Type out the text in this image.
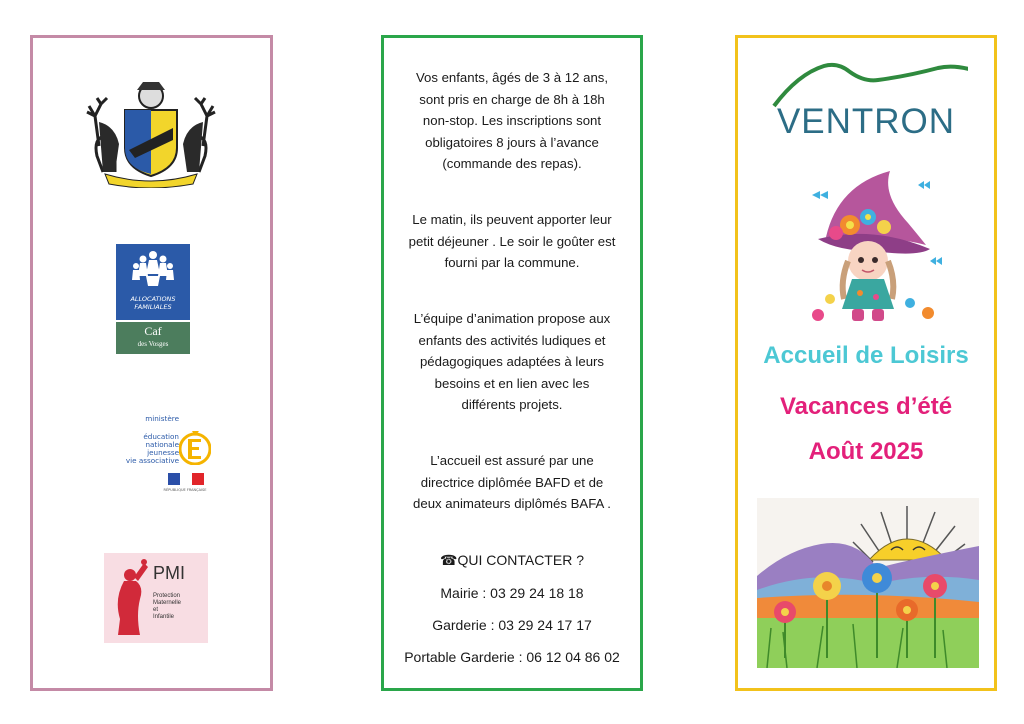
ALLOCATIONS
FAMILIALES
Caf
des Vosges
ministère
éducation
nationale
jeunesse
vie associative
RÉPUBLIQUE FRANÇAISE
PMI
Protection
Maternelle
et
Infantile
Vos enfants, âgés de 3 à 12 ans,
sont pris en charge de 8h à 18h
non-stop. Les inscriptions sont
obligatoires 8 jours à l’avance
(commande des repas).
Le matin, ils peuvent apporter leur
petit déjeuner . Le soir le goûter est
fourni par la commune.
L’équipe d’animation propose aux
enfants des activités ludiques et
pédagogiques adaptées à leurs
besoins et en lien avec les
différents projets.
L’accueil est assuré par une
directrice diplômée BAFD et de
deux animateurs diplômés BAFA .
☎QUI CONTACTER ?
Mairie : 03 29 24 18 18
Garderie : 03 29 24 17 17
Portable Garderie : 06 12 04 86 02
VENTRON
Accueil de Loisirs
Vacances d’été
Août 2025
